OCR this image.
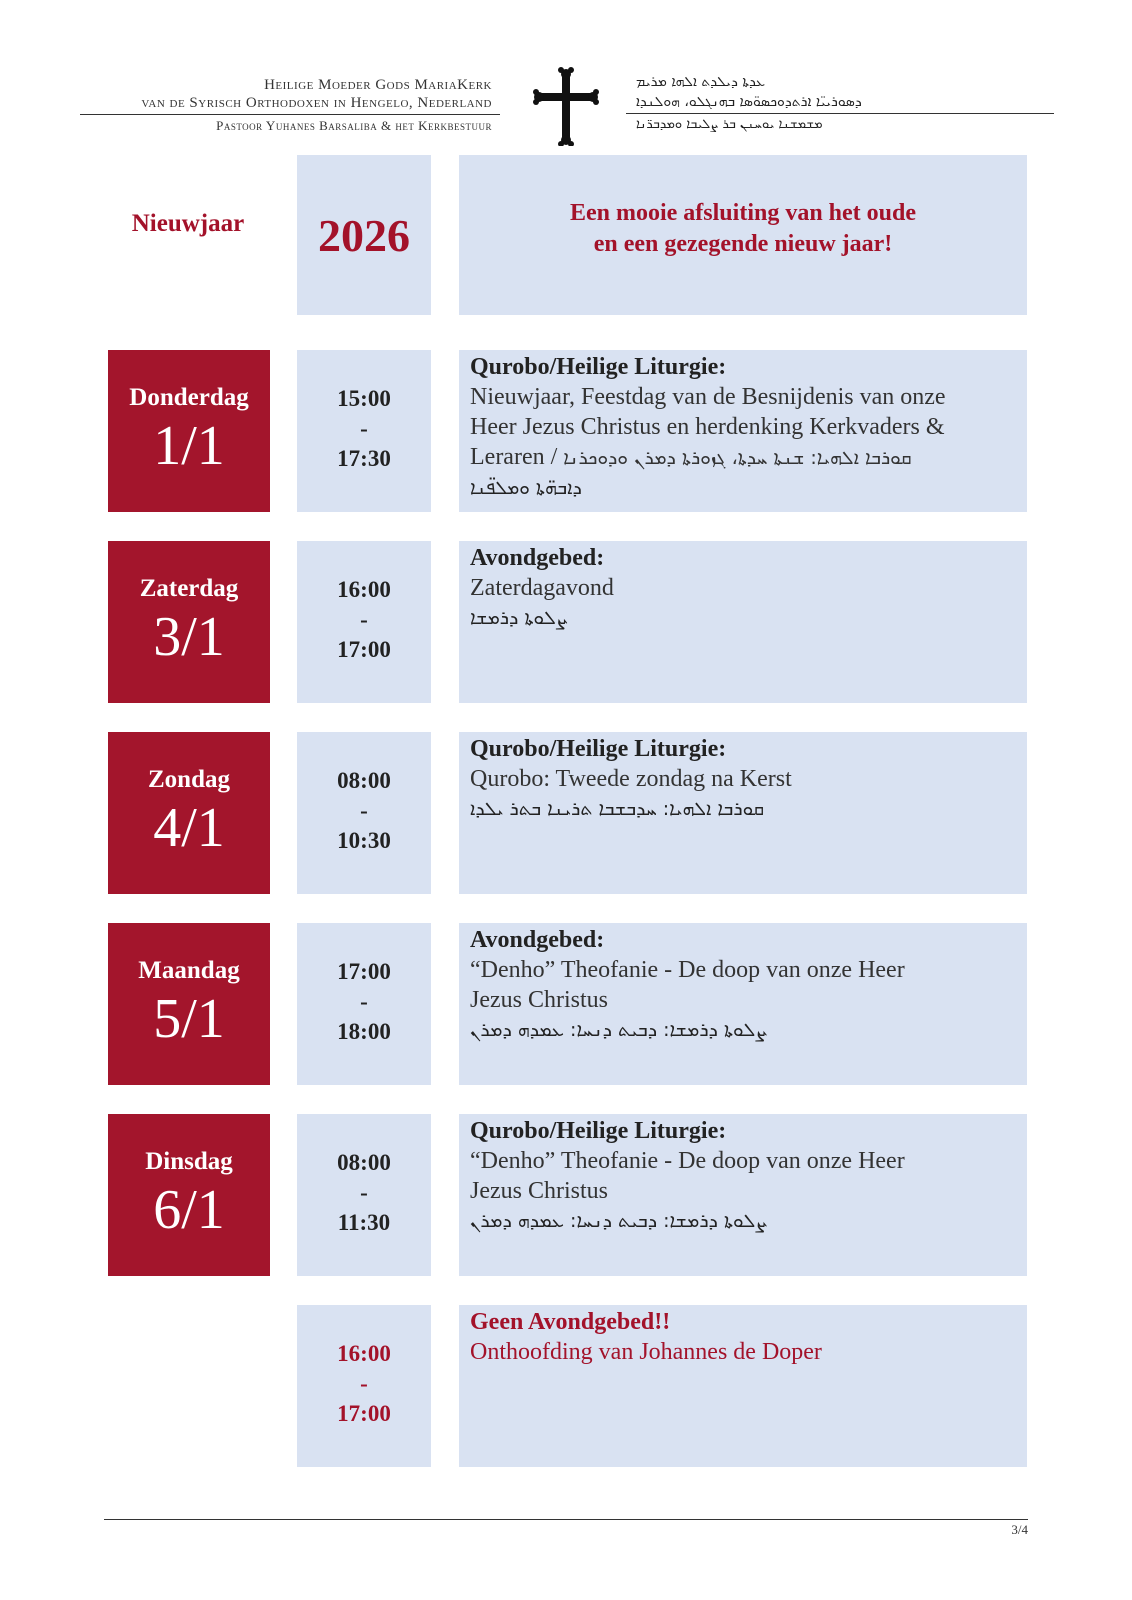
Heilige Moeder Gods MariaKerk
van de Syrisch Orthodoxen in Hengelo, Nederland
Pastoor Yuhanes Barsaliba & het Kerkbestuur
ܥܕܬܐ ܕܝܠܕܬ ܐܠܗܐ ܡܪܝܡ
ܕܣܘܪܝܝ̈ܐ ܐܪܬܕܘܟܣܘ̈ܣܐ ܒܗܢܓܠܘ، ܗܘܠܢܕܐ
ܡܫܡܫܢܐ ܝܘܚܢܢ ܒܪ ܨܠܝܒܐ ܘܡܕܒܪ̈ܢܐ
Nieuwjaar	2026	Een mooie afsluiting van het oude
en een gezegende nieuw jaar!
Donderdag
1/1
15:00
-
17:30
Qurobo/Heilige Liturgie:
Nieuwjaar, Feestdag van de Besnijdenis van onze
Heer Jezus Christus en herdenking Kerkvaders &
Leraren / ܩܘܪܒܐ ܐܠܗܝܐ: ܫܢܬܐ ܚܕܬܐ، ܓܙܘܪܬܐ ܕܡܪܢ ܘܕܘܟܪܢܐ
ܕܐܒܗ̈ܬܐ ܘܡܠܦ̈ܢܐ
Zaterdag
3/1
16:00
-
17:00
Avondgebed:
Zaterdagavond
ܨܠܘܬܐ ܕܪܡܫܐ
Zondag
4/1
08:00
-
10:30
Qurobo/Heilige Liturgie:
Qurobo: Tweede zondag na Kerst
ܩܘܪܒܐ ܐܠܗܝܐ: ܚܕܒܫܒܐ ܬܪܝܢܐ ܒܬܪ ܝܠܕܐ
Maandag
5/1
17:00
-
18:00
Avondgebed:
“Denho” Theofanie - De doop van onze Heer
Jezus Christus
ܨܠܘܬܐ ܕܪܡܫܐ: ܕܒܝܬ ܕܢܚܐ: ܥܡܕܗ ܕܡܪܢ
Dinsdag
6/1
08:00
-
11:30
Qurobo/Heilige Liturgie:
“Denho” Theofanie - De doop van onze Heer
Jezus Christus
ܨܠܘܬܐ ܕܪܡܫܐ: ܕܒܝܬ ܕܢܚܐ: ܥܡܕܗ ܕܡܪܢ
16:00
-
17:00
Geen Avondgebed!!
Onthoofding van Johannes de Doper
3/4
